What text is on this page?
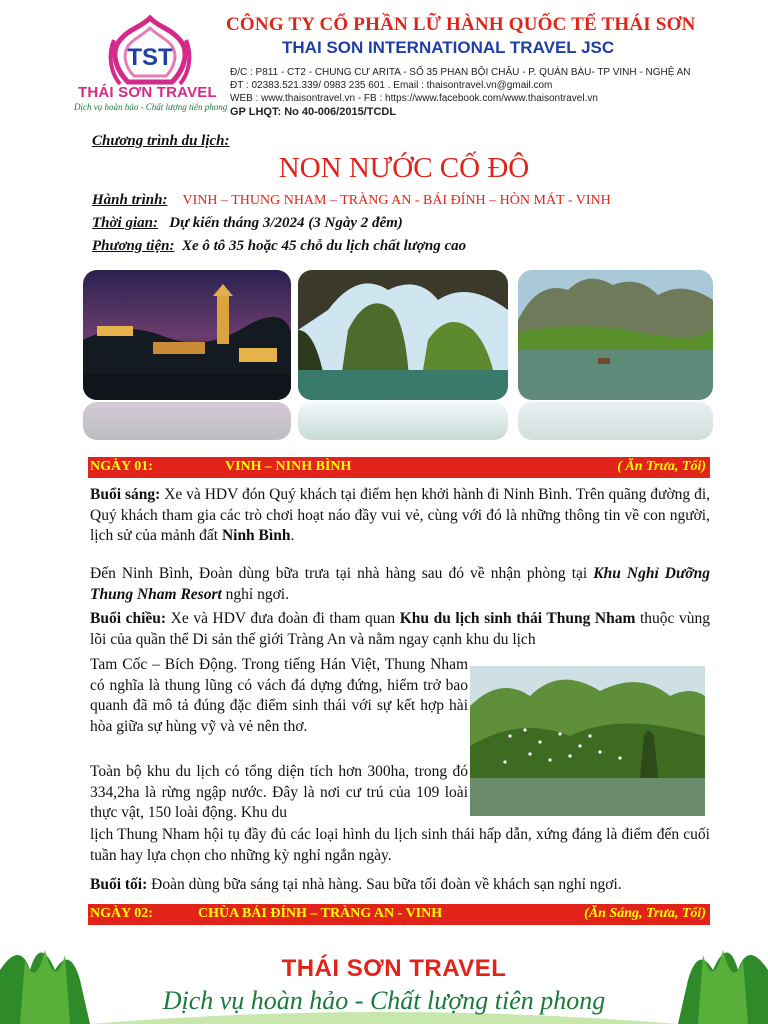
TST
THÁI SƠN TRAVEL
Dịch vụ hoàn hảo - Chất lượng tiên phong
CÔNG TY CỔ PHẦN LỮ HÀNH QUỐC TẾ THÁI SƠN
THAI SON INTERNATIONAL TRAVEL JSC
Đ/C : P811 - CT2 - CHUNG CƯ ARITA - SỐ 35 PHAN BỘI CHÂU - P. QUÁN BÀU- TP VINH - NGHỆ AN
ĐT : 02383.521.339/ 0983 235 601 . Email : thaisontravel.vn@gmail.com
WEB : www.thaisontravel.vn - FB : https://www.facebook.com/www.thaisontravel.vn
GP LHQT: No 40-006/2015/TCDL
Chương trình du lịch:
NON NƯỚC CỐ ĐÔ
Hành trình: VINH – THUNG NHAM – TRÀNG AN - BÁI ĐÍNH – HÒN MÁT - VINH
Thời gian: Dự kiến tháng 3/2024 (3 Ngày 2 đêm)
Phương tiện: Xe ô tô 35 hoặc 45 chỗ du lịch chất lượng cao
NGÀY 01:	VINH – NINH BÌNH	( Ăn Trưa, Tối)
Buổi sáng: Xe và HDV đón Quý khách tại điểm hẹn khởi hành đi Ninh Bình. Trên quãng đường đi, Quý khách tham gia các trò chơi hoạt náo đầy vui vẻ, cùng với đó là những thông tin về con người, lịch sử của mảnh đất Ninh Bình.
Đến Ninh Bình, Đoàn dùng bữa trưa tại nhà hàng sau đó về nhận phòng tại Khu Nghỉ Dưỡng Thung Nham Resort nghỉ ngơi.
Buổi chiều: Xe và HDV đưa đoàn đi tham quan Khu du lịch sinh thái Thung Nham thuộc vùng lõi của quần thể Di sản thế giới Tràng An và nằm ngay cạnh khu du lịch
Tam Cốc – Bích Động. Trong tiếng Hán Việt, Thung Nham có nghĩa là thung lũng có vách đá dựng đứng, hiểm trở bao quanh đã mô tả đúng đặc điểm sinh thái với sự kết hợp hài hòa giữa sự hùng vỹ và vẻ nên thơ.
Toàn bộ khu du lịch có tổng diện tích hơn 300ha, trong đó 334,2ha là rừng ngập nước. Đây là nơi cư trú của 109 loài thực vật, 150 loài động. Khu du
lịch Thung Nham hội tụ đầy đủ các loại hình du lịch sinh thái hấp dẫn, xứng đáng là điểm đến cuối tuần hay lựa chọn cho những kỳ nghỉ ngắn ngày.
Buổi tối: Đoàn dùng bữa sáng tại nhà hàng. Sau bữa tối đoàn về khách sạn nghỉ ngơi.
NGÀY 02:	CHÙA BÁI ĐÍNH – TRÀNG AN - VINH	(Ăn Sáng, Trưa, Tối)
THÁI SƠN TRAVEL
Dịch vụ hoàn hảo - Chất lượng tiên phong
